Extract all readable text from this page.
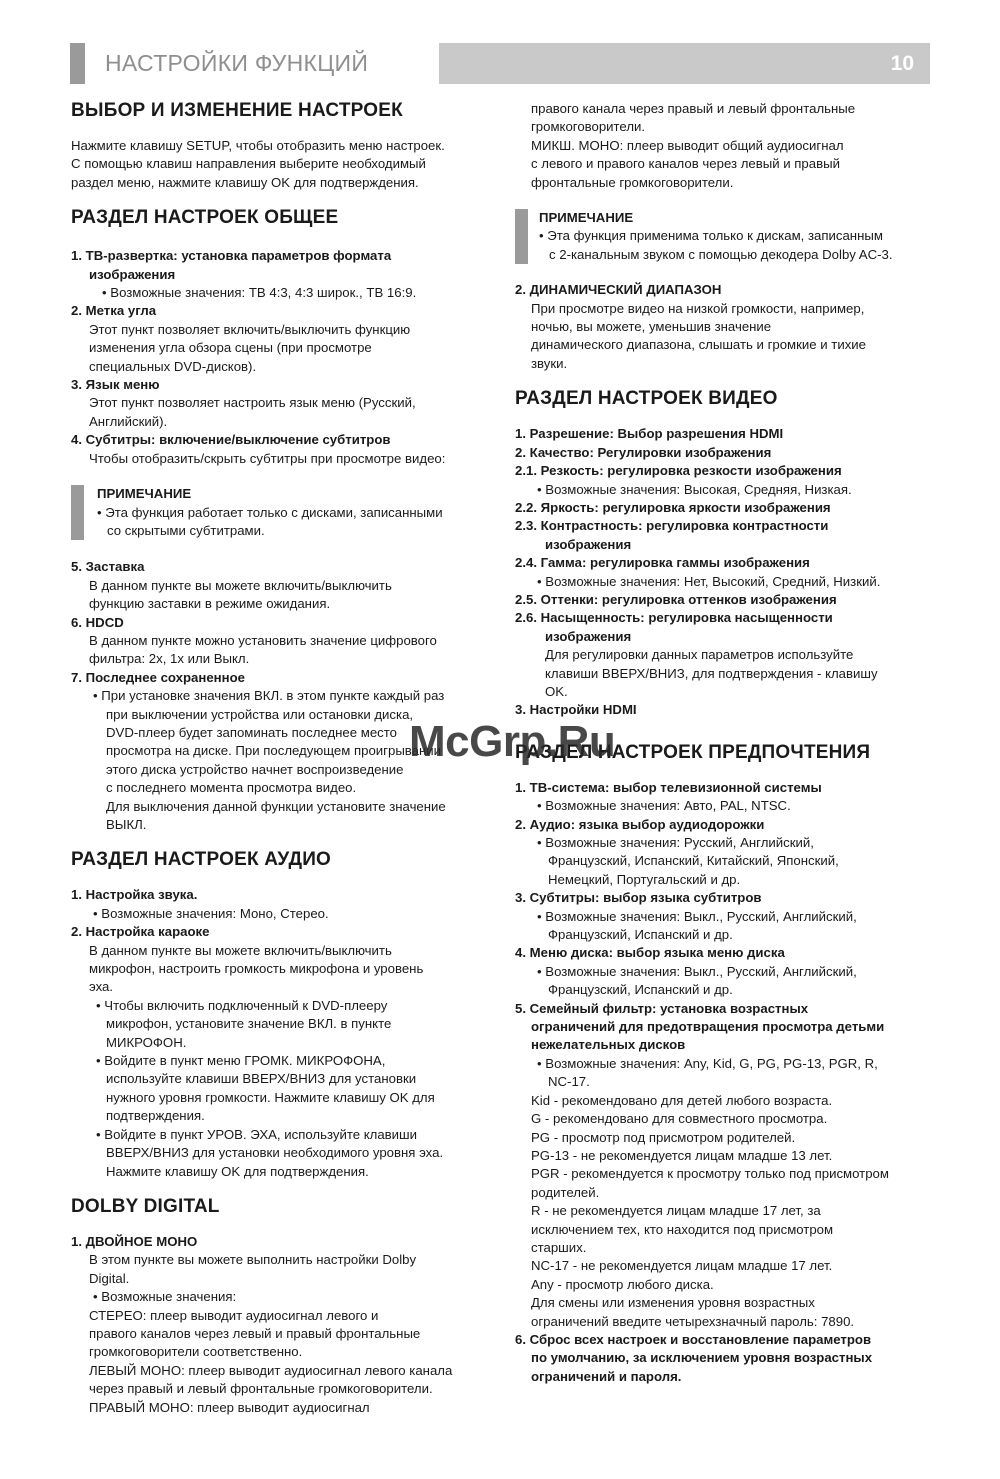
НАСТРОЙКИ ФУНКЦИЙ	10
ВЫБОР И ИЗМЕНЕНИЕ НАСТРОЕК
Нажмите клавишу SETUP, чтобы отобразить меню настроек.
С помощью клавиш направления выберите необходимый
раздел меню, нажмите клавишу OK для подтверждения.
РАЗДЕЛ НАСТРОЕК ОБЩЕЕ
1. ТВ-развертка: установка параметров формата
изображения
• Возможные значения: ТВ 4:3, 4:3 широк., ТВ 16:9.
2. Метка угла
Этот пункт позволяет включить/выключить функцию
изменения угла обзора сцены (при просмотре
специальных DVD-дисков).
3. Язык меню
Этот пункт позволяет настроить язык меню (Русский,
Английский).
4. Субтитры: включение/выключение субтитров
Чтобы отобразить/скрыть субтитры при просмотре видео:
ПРИМЕЧАНИЕ
• Эта функция работает только с дисками, записанными
со скрытыми субтитрами.
5. Заставка
В данном пункте вы можете включить/выключить
функцию заставки в режиме ожидания.
6. HDCD
В данном пункте можно установить значение цифрового
фильтра: 2x, 1x или Выкл.
7. Последнее сохраненное
• При установке значения ВКЛ. в этом пункте каждый раз
при выключении устройства или остановки диска,
DVD-плеер будет запоминать последнее место
просмотра на диске. При последующем проигрывании
этого диска устройство начнет воспроизведение
с последнего момента просмотра видео.
Для выключения данной функции установите значение
ВЫКЛ.
РАЗДЕЛ НАСТРОЕК АУДИО
1. Настройка звука.
• Возможные значения: Моно, Стерео.
2. Настройка караоке
В данном пункте вы можете включить/выключить
микрофон, настроить громкость микрофона и уровень
эха.
• Чтобы включить подключенный к DVD-плееру
микрофон, установите значение ВКЛ. в пункте
МИКРОФОН.
• Войдите в пункт меню ГРОМК. МИКРОФОНА,
используйте клавиши ВВЕРХ/ВНИЗ для установки
нужного уровня громкости. Нажмите клавишу OK для
подтверждения.
• Войдите в пункт УРОВ. ЭХА, используйте клавиши
ВВЕРХ/ВНИЗ для установки необходимого уровня эха.
Нажмите клавишу OK для подтверждения.
DOLBY DIGITAL
1. ДВОЙНОЕ МОНО
В этом пункте вы можете выполнить настройки Dolby
Digital.
• Возможные значения:
СТЕРЕО: плеер выводит аудиосигнал левого и
правого каналов через левый и правый фронтальные
громкоговорители соответственно.
ЛЕВЫЙ МОНО: плеер выводит аудиосигнал левого канала
через правый и левый фронтальные громкоговорители.
ПРАВЫЙ МОНО: плеер выводит аудиосигнал
правого канала через правый и левый фронтальные
громкоговорители.
МИКШ. МОНО: плеер выводит общий аудиосигнал
с левого и правого каналов через левый и правый
фронтальные громкоговорители.
ПРИМЕЧАНИЕ
• Эта функция применима только к дискам, записанным
с 2-канальным звуком с помощью декодера Dolby AC-3.
2. ДИНАМИЧЕСКИЙ ДИАПАЗОН
При просмотре видео на низкой громкости, например,
ночью, вы можете, уменьшив значение
динамического диапазона, слышать и громкие и тихие
звуки.
РАЗДЕЛ НАСТРОЕК ВИДЕО
1. Разрешение: Выбор разрешения HDMI
2. Качество: Регулировки изображения
2.1. Резкость: регулировка резкости изображения
• Возможные значения: Высокая, Средняя, Низкая.
2.2. Яркость: регулировка яркости изображения
2.3. Контрастность: регулировка контрастности
изображения
2.4. Гамма: регулировка гаммы изображения
• Возможные значения: Нет, Высокий, Средний, Низкий.
2.5. Оттенки: регулировка оттенков изображения
2.6. Насыщенность: регулировка насыщенности
изображения
Для регулировки данных параметров используйте
клавиши ВВЕРХ/ВНИЗ, для подтверждения - клавишу
OK.
3. Настройки HDMI
РАЗДЕЛ НАСТРОЕК ПРЕДПОЧТЕНИЯ
1. ТВ-система: выбор телевизионной системы
• Возможные значения: Авто, PAL, NTSC.
2. Аудио: языка выбор аудиодорожки
• Возможные значения: Русский, Английский,
Французский, Испанский, Китайский, Японский,
Немецкий, Португальский и др.
3. Субтитры: выбор языка субтитров
• Возможные значения: Выкл., Русский, Английский,
Французский, Испанский и др.
4. Меню диска: выбор языка меню диска
• Возможные значения: Выкл., Русский, Английский,
Французский, Испанский и др.
5. Семейный фильтр: установка возрастных
ограничений для предотвращения просмотра детьми
нежелательных дисков
• Возможные значения: Any, Kid, G, PG, PG-13, PGR, R,
NC-17.
Kid - рекомендовано для детей любого возраста.
G - рекомендовано для совместного просмотра.
PG - просмотр под присмотром родителей.
PG-13 - не рекомендуется лицам младше 13 лет.
PGR - рекомендуется к просмотру только под присмотром
родителей.
R - не рекомендуется лицам младше 17 лет, за
исключением тех, кто находится под присмотром
старших.
NC-17 - не рекомендуется лицам младше 17 лет.
Any - просмотр любого диска.
Для смены или изменения уровня возрастных
ограничений введите четырехзначный пароль: 7890.
6. Сброс всех настроек и восстановление параметров
по умолчанию, за исключением уровня возрастных
ограничений и пароля.
McGrp.Ru
